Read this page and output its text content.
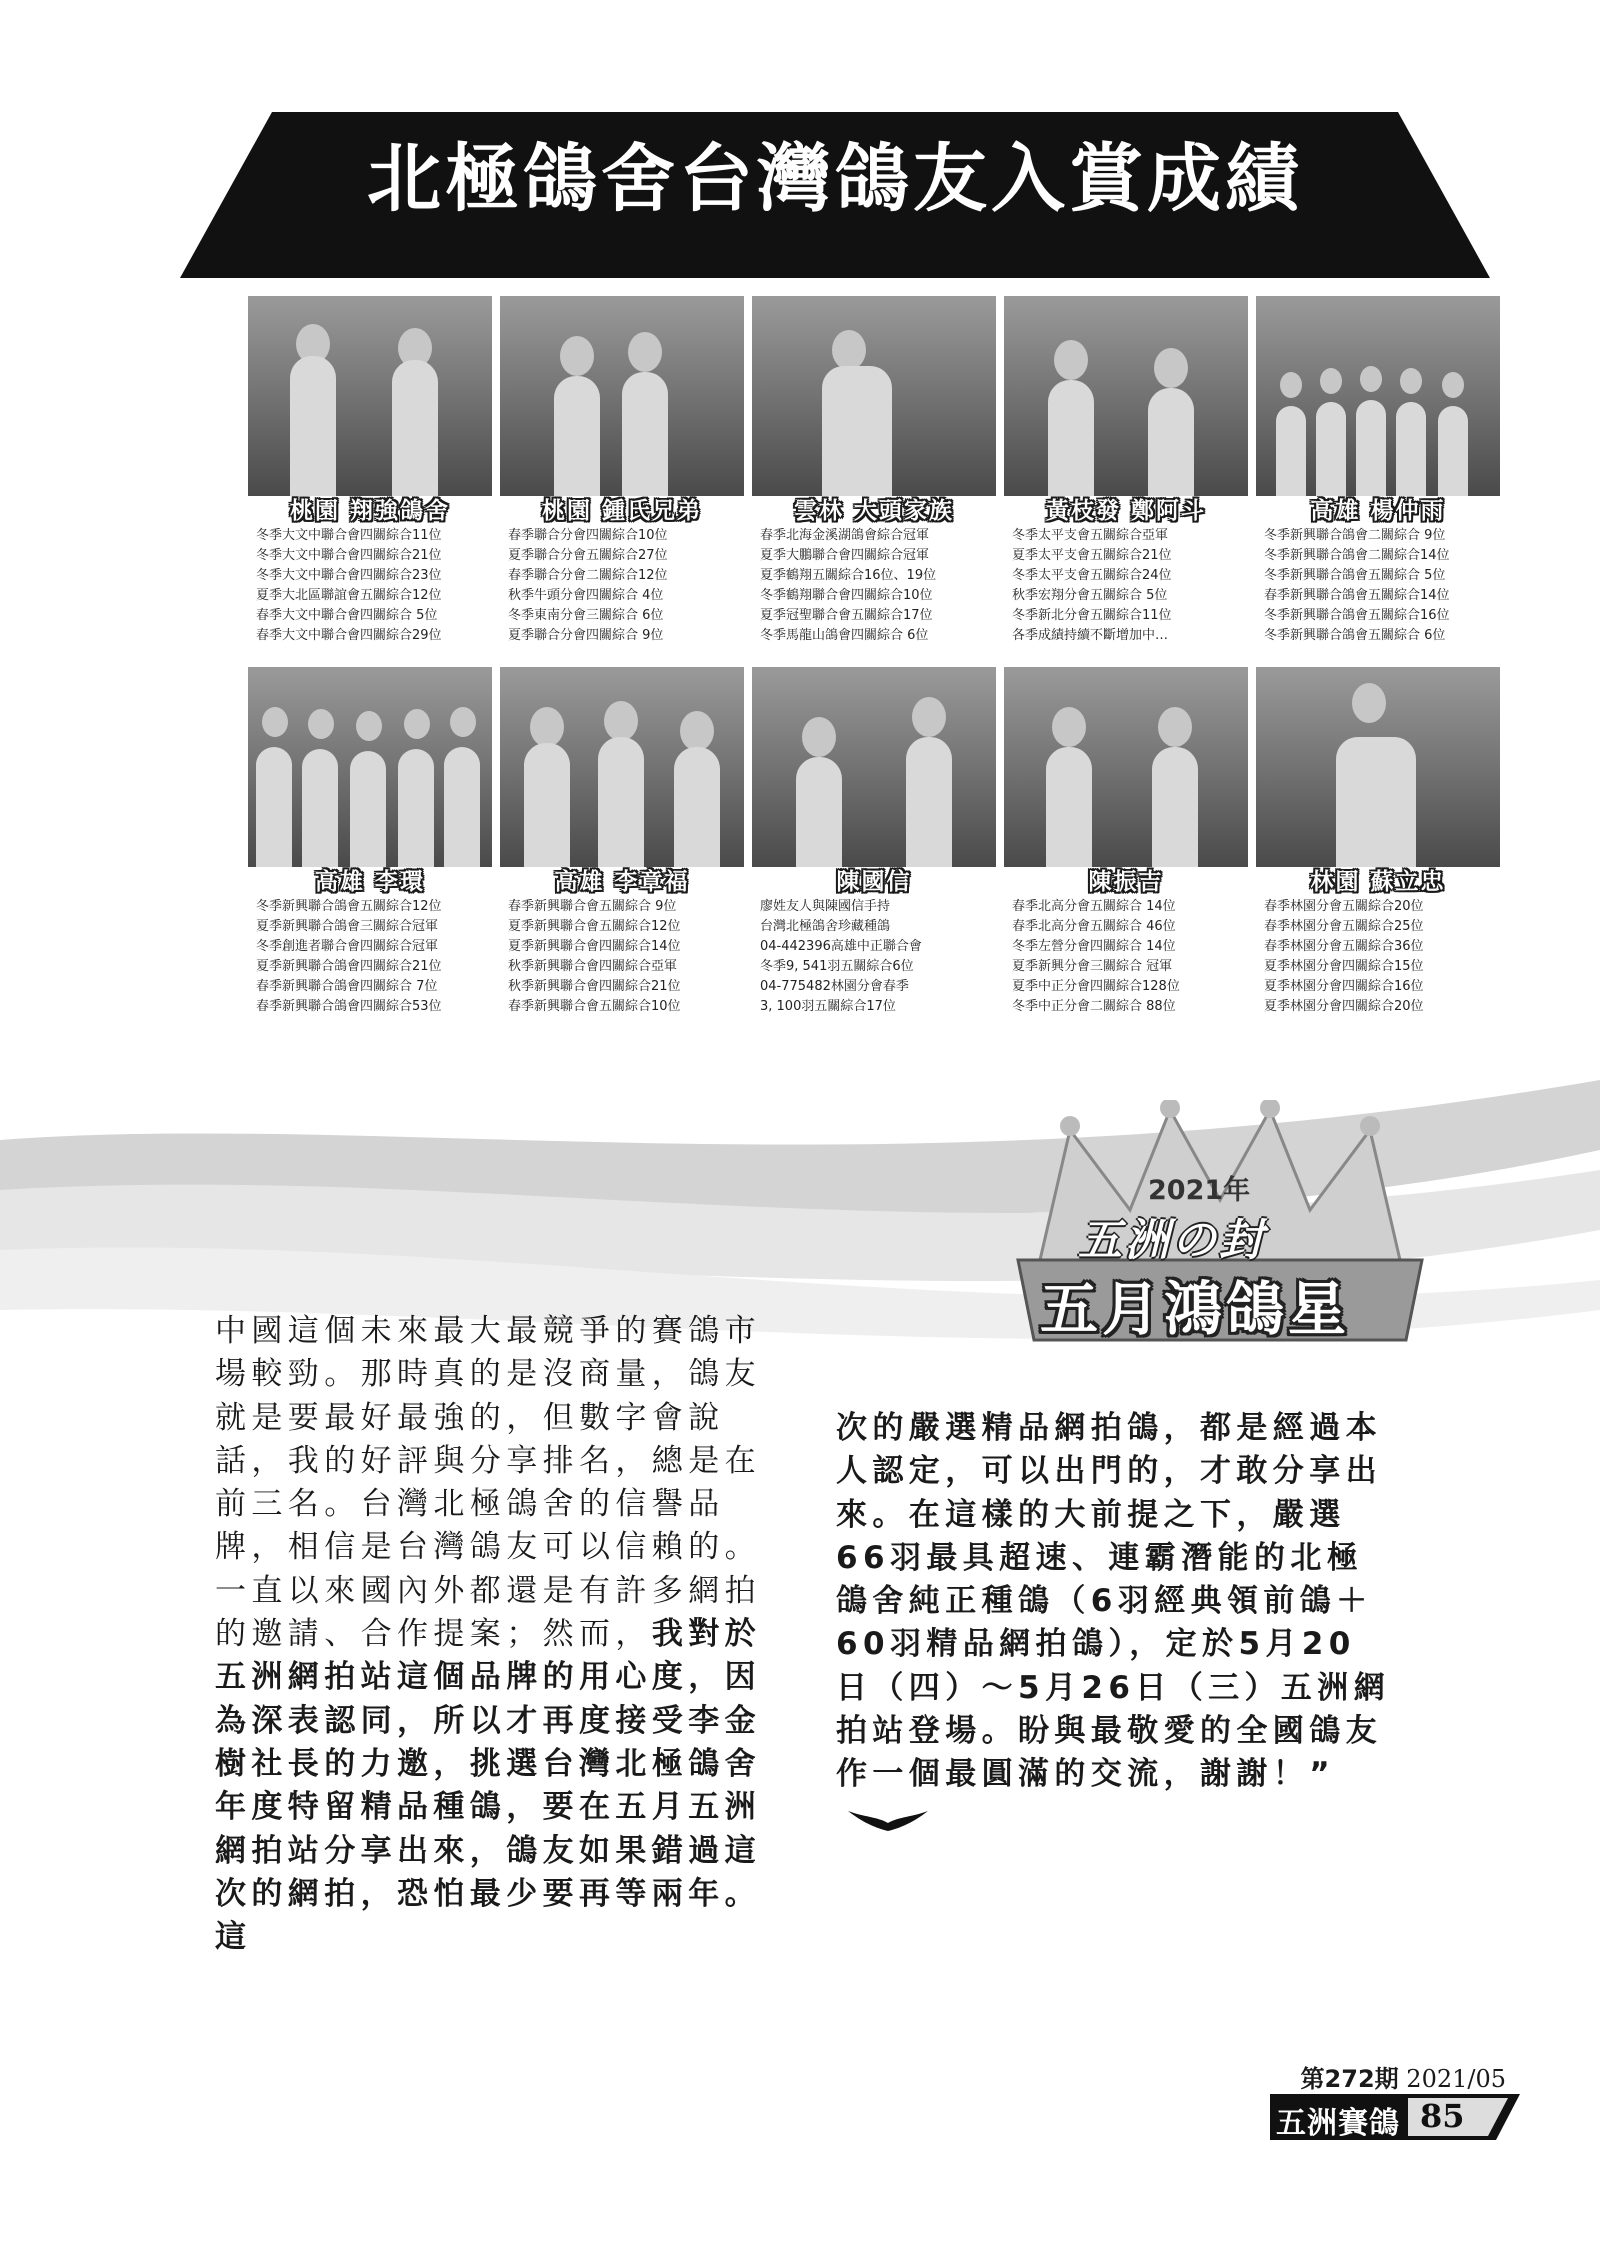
北極鴿舍台灣鴿友入賞成績
桃園 翔強鴿舍
冬季大文中聯合會四關綜合11位
冬季大文中聯合會四關綜合21位
冬季大文中聯合會四關綜合23位
夏季大北區聯誼會五關綜合12位
春季大文中聯合會四關綜合 5位
春季大文中聯合會四關綜合29位
桃園 鍾氏兄弟
春季聯合分會四關綜合10位
夏季聯合分會五關綜合27位
春季聯合分會二關綜合12位
秋季牛頭分會四關綜合 4位
冬季東南分會三關綜合 6位
夏季聯合分會四關綜合 9位
雲林 大頭家族
春季北海金溪湖鴿會綜合冠軍
夏季大鵬聯合會四關綜合冠軍
夏季鶴翔五關綜合16位、19位
冬季鶴翔聯合會四關綜合10位
夏季冠聖聯合會五關綜合17位
冬季馬龍山鴿會四關綜合 6位
黃枝發 鄭阿斗
冬季太平支會五關綜合亞軍
夏季太平支會五關綜合21位
冬季太平支會五關綜合24位
秋季宏翔分會五關綜合 5位
冬季新北分會五關綜合11位
各季成績持續不斷增加中…
高雄 楊仲雨
冬季新興聯合鴿會二關綜合 9位
冬季新興聯合鴿會二關綜合14位
冬季新興聯合鴿會五關綜合 5位
春季新興聯合鴿會五關綜合14位
冬季新興聯合鴿會五關綜合16位
冬季新興聯合鴿會五關綜合 6位
高雄 李環
冬季新興聯合鴿會五關綜合12位
夏季新興聯合鴿會三關綜合冠軍
冬季創進者聯合會四關綜合冠軍
夏季新興聯合鴿會四關綜合21位
春季新興聯合鴿會四關綜合 7位
春季新興聯合鴿會四關綜合53位
高雄 李章福
春季新興聯合會五關綜合 9位
夏季新興聯合會五關綜合12位
夏季新興聯合會四關綜合14位
秋季新興聯合會四關綜合亞軍
秋季新興聯合會四關綜合21位
春季新興聯合會五關綜合10位
陳國信
廖姓友人與陳國信手持
台灣北極鴿舍珍藏種鴿
04-442396高雄中正聯合會
冬季9, 541羽五關綜合6位
04-775482林園分會春季
3, 100羽五關綜合17位
陳振吉
春季北高分會五關綜合 14位
春季北高分會五關綜合 46位
冬季左營分會四關綜合 14位
夏季新興分會三關綜合 冠軍
夏季中正分會四關綜合128位
冬季中正分會二關綜合 88位
林園 蘇立忠
春季林園分會五關綜合20位
春季林園分會五關綜合25位
春季林園分會五關綜合36位
夏季林園分會四關綜合15位
夏季林園分會四關綜合16位
夏季林園分會四關綜合20位
2021年
五洲の封
五月鴻鴿星

中國這個未來最大最競爭的賽鴿市場較勁。那時真的是沒商量，鴿友就是要最好最強的，但數字會說話，我的好評與分享排名，總是在前三名。台灣北極鴿舍的信譽品牌，相信是台灣鴿友可以信賴的。一直以來國內外都還是有許多網拍的邀請、合作提案；然而，我對於五洲網拍站這個品牌的用心度，因為深表認同，所以才再度接受李金樹社長的力邀，挑選台灣北極鴿舍年度特留精品種鴿，要在五月五洲網拍站分享出來，鴿友如果錯過這次的網拍，恐怕最少要再等兩年。這

次的嚴選精品網拍鴿，都是經過本人認定，可以出門的，才敢分享出來。在這樣的大前提之下，嚴選66羽最具超速、連霸潛能的北極鴿舍純正種鴿（6羽經典領前鴿＋60羽精品網拍鴿），定於5月20日（四）～5月26日（三）五洲網拍站登場。盼與最敬愛的全國鴿友作一個最圓滿的交流，謝謝！”

第272期 2021/05
五洲賽鴿 85
